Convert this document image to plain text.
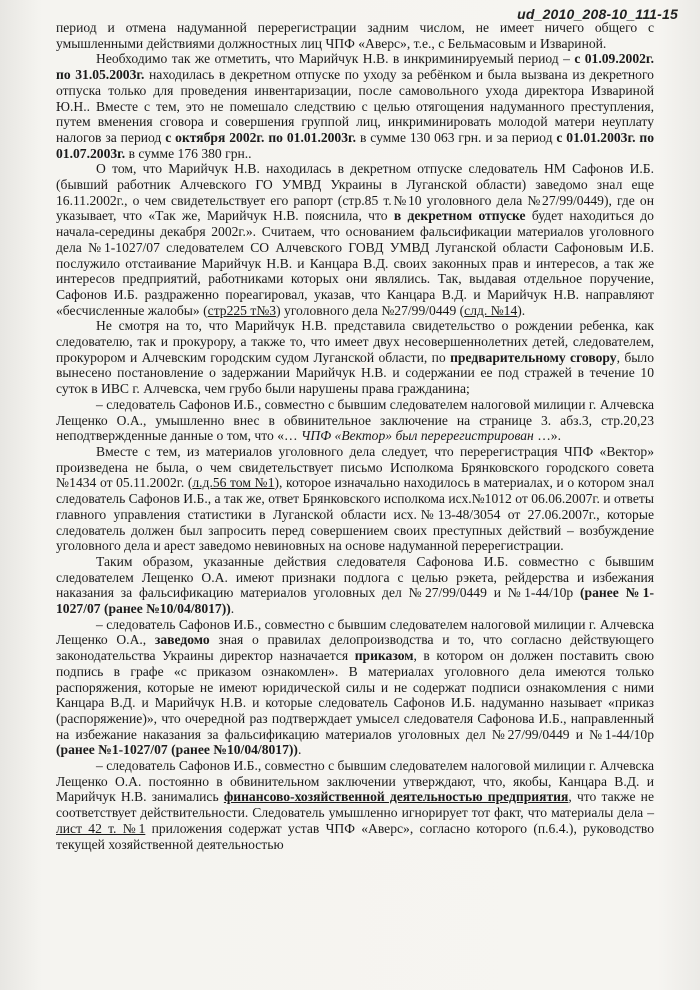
ud_2010_208-10_111-15

период и отмена надуманной перерегистрации задним числом, не имеет ничего общего с умышленными действиями должностных лиц ЧПФ «Аверс», т.е., с Бельмасовым и Извариной.

Необходимо так же отметить, что Марийчук Н.В. в инкриминируемый период – с 01.09.2002г. по 31.05.2003г. находилась в декретном отпуске по уходу за ребёнком и была вызвана из декретного отпуска только для проведения инвентаризации, после самовольного ухода директора Извариной Ю.Н.. Вместе с тем, это не помешало следствию с целью отягощения надуманного преступления, путем вменения сговора и совершения группой лиц, инкриминировать молодой матери неуплату налогов за период с октября 2002г. по 01.01.2003г. в сумме 130 063 грн. и за период с 01.01.2003г. по 01.07.2003г. в сумме 176 380 грн..

О том, что Марийчук Н.В. находилась в декретном отпуске следователь НМ Сафонов И.Б. (бывший работник Алчевского ГО УМВД Украины в Луганской области) заведомо знал еще 16.11.2002г., о чем свидетельствует его рапорт (стр.85 т.№10 уголовного дела №27/99/0449), где он указывает, что «Так же, Марийчук Н.В. пояснила, что в декретном отпуске будет находиться до начала-середины декабря 2002г.». Считаем, что основанием фальсификации материалов уголовного дела №1-1027/07 следователем СО Алчевского ГОВД УМВД Луганской области Сафоновым И.Б. послужило отстаивание Марийчук Н.В. и Канцара В.Д. своих законных прав и интересов, а так же интересов предприятий, работниками которых они являлись. Так, выдавая отдельное поручение, Сафонов И.Б. раздраженно пореагировал, указав, что Канцара В.Д. и Марийчук Н.В. направляют «бесчисленные жалобы» (стр225 т№3) уголовного дела №27/99/0449 (слд. №14).

Не смотря на то, что Марийчук Н.В. представила свидетельство о рождении ребенка, как следователю, так и прокурору, а также то, что имеет двух несовершеннолетних детей, следователем, прокурором и Алчевским городским судом Луганской области, по предварительному сговору, было вынесено постановление о задержании Марийчук Н.В. и содержании ее под стражей в течение 10 суток в ИВС г. Алчевска, чем грубо были нарушены права гражданина;

– следователь Сафонов И.Б., совместно с бывшим следователем налоговой милиции г. Алчевска Лещенко О.А., умышленно внес в обвинительное заключение на странице 3. абз.3, стр.20,23 неподтвержденные данные о том, что «… ЧПФ «Вектор» был перерегистрирован …».

Вместе с тем, из материалов уголовного дела следует, что перерегистрация ЧПФ «Вектор» произведена не была, о чем свидетельствует письмо Исполкома Брянковского городского совета №1434 от 05.11.2002г. (л.д.56 том №1), которое изначально находилось в материалах, и о котором знал следователь Сафонов И.Б., а так же, ответ Брянковского исполкома исх.№1012 от 06.06.2007г. и ответы главного управления статистики в Луганской области исх.№13-48/3054 от 27.06.2007г., которые следователь должен был запросить перед совершением своих преступных действий – возбуждение уголовного дела и арест заведомо невиновных на основе надуманной перерегистрации.

Таким образом, указанные действия следователя Сафонова И.Б. совместно с бывшим следователем Лещенко О.А. имеют признаки подлога с целью рэкета, рейдерства и избежания наказания за фальсификацию материалов уголовных дел №27/99/0449 и №1-44/10р (ранее №1-1027/07 (ранее №10/04/8017)).

– следователь Сафонов И.Б., совместно с бывшим следователем налоговой милиции г. Алчевска Лещенко О.А., заведомо зная о правилах делопроизводства и то, что согласно действующего законодательства Украины директор назначается приказом, в котором он должен поставить свою подпись в графе «с приказом ознакомлен». В материалах уголовного дела имеются только распоряжения, которые не имеют юридической силы и не содержат подписи ознакомления с ними Канцара В.Д. и Марийчук Н.В. и которые следователь Сафонов И.Б. надуманно называет «приказ (распоряжение)», что очередной раз подтверждает умысел следователя Сафонова И.Б., направленный на избежание наказания за фальсификацию материалов уголовных дел №27/99/0449 и №1-44/10р (ранее №1-1027/07 (ранее №10/04/8017)).

– следователь Сафонов И.Б., совместно с бывшим следователем налоговой милиции г. Алчевска Лещенко О.А. постоянно в обвинительном заключении утверждают, что, якобы, Канцара В.Д. и Марийчук Н.В. занимались финансово-хозяйственной деятельностью предприятия, что также не соответствует действительности. Следователь умышленно игнорирует тот факт, что материалы дела – лист 42 т. №1 приложения содержат устав ЧПФ «Аверс», согласно которого (п.6.4.), руководство текущей хозяйственной деятельностью
